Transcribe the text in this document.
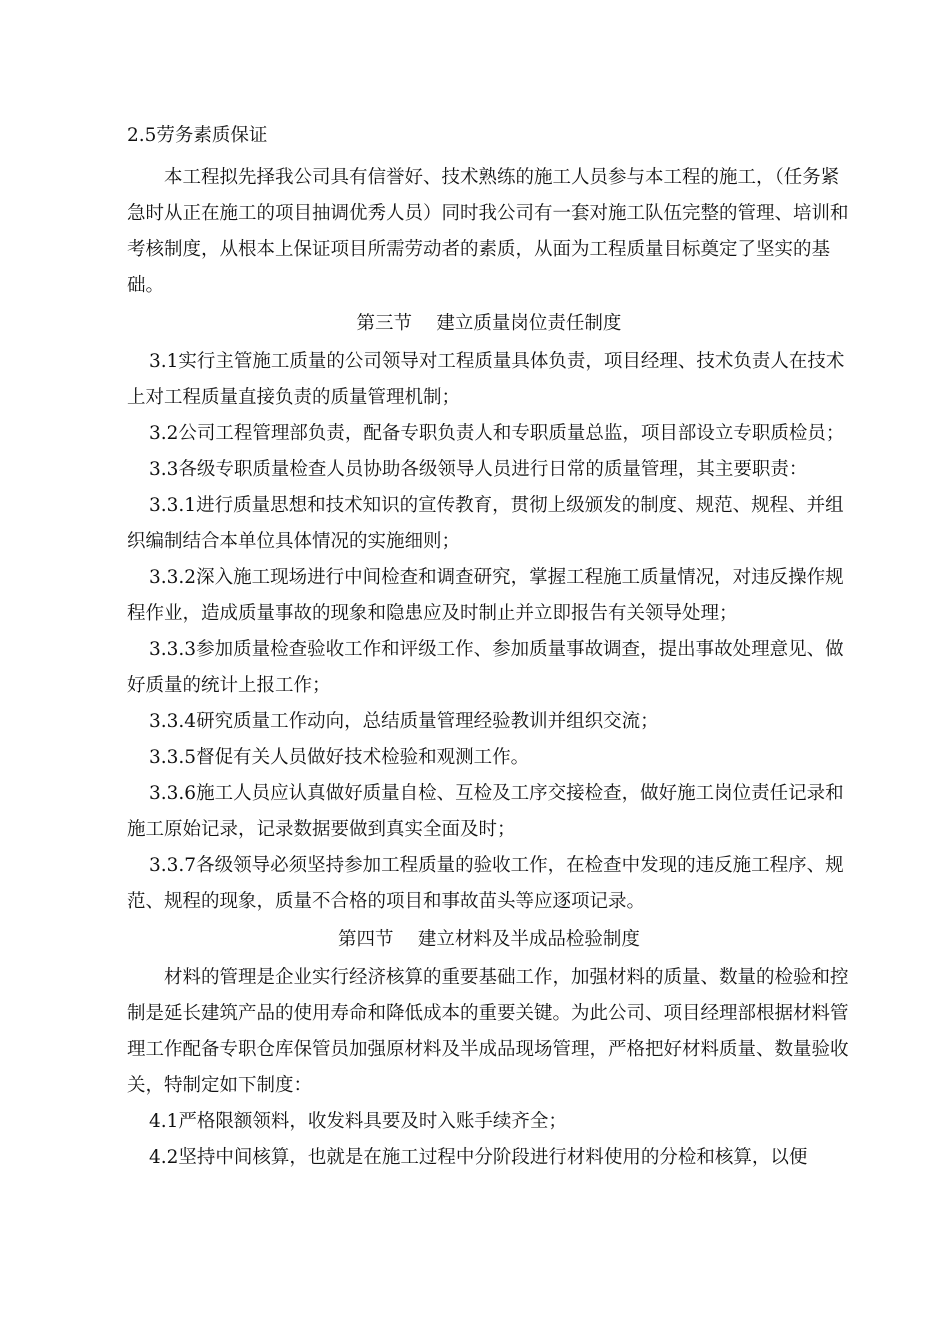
2.5劳务素质保证

本工程拟先择我公司具有信誉好、技术熟练的施工人员参与本工程的施工，（任务紧急时从正在施工的项目抽调优秀人员）同时我公司有一套对施工队伍完整的管理、培训和考核制度，从根本上保证项目所需劳动者的素质，从面为工程质量目标奠定了坚实的基础。

第三节　 建立质量岗位责任制度

3.1实行主管施工质量的公司领导对工程质量具体负责，项目经理、技术负责人在技术上对工程质量直接负责的质量管理机制；

3.2公司工程管理部负责，配备专职负责人和专职质量总监，项目部设立专职质检员；

3.3各级专职质量检查人员协助各级领导人员进行日常的质量管理，其主要职责：

3.3.1进行质量思想和技术知识的宣传教育，贯彻上级颁发的制度、规范、规程、并组织编制结合本单位具体情况的实施细则；

3.3.2深入施工现场进行中间检查和调查研究，掌握工程施工质量情况，对违反操作规程作业，造成质量事故的现象和隐患应及时制止并立即报告有关领导处理；

3.3.3参加质量检查验收工作和评级工作、参加质量事故调查，提出事故处理意见、做好质量的统计上报工作；

3.3.4研究质量工作动向，总结质量管理经验教训并组织交流；

3.3.5督促有关人员做好技术检验和观测工作。

3.3.6施工人员应认真做好质量自检、互检及工序交接检查，做好施工岗位责任记录和施工原始记录，记录数据要做到真实全面及时；

3.3.7各级领导必须坚持参加工程质量的验收工作，在检查中发现的违反施工程序、规范、规程的现象，质量不合格的项目和事故苗头等应逐项记录。

第四节　 建立材料及半成品检验制度

材料的管理是企业实行经济核算的重要基础工作，加强材料的质量、数量的检验和控制是延长建筑产品的使用寿命和降低成本的重要关键。为此公司、项目经理部根据材料管理工作配备专职仓库保管员加强原材料及半成品现场管理，严格把好材料质量、数量验收关，特制定如下制度：

4.1严格限额领料，收发料具要及时入账手续齐全；

4.2坚持中间核算，也就是在施工过程中分阶段进行材料使用的分检和核算，以便
